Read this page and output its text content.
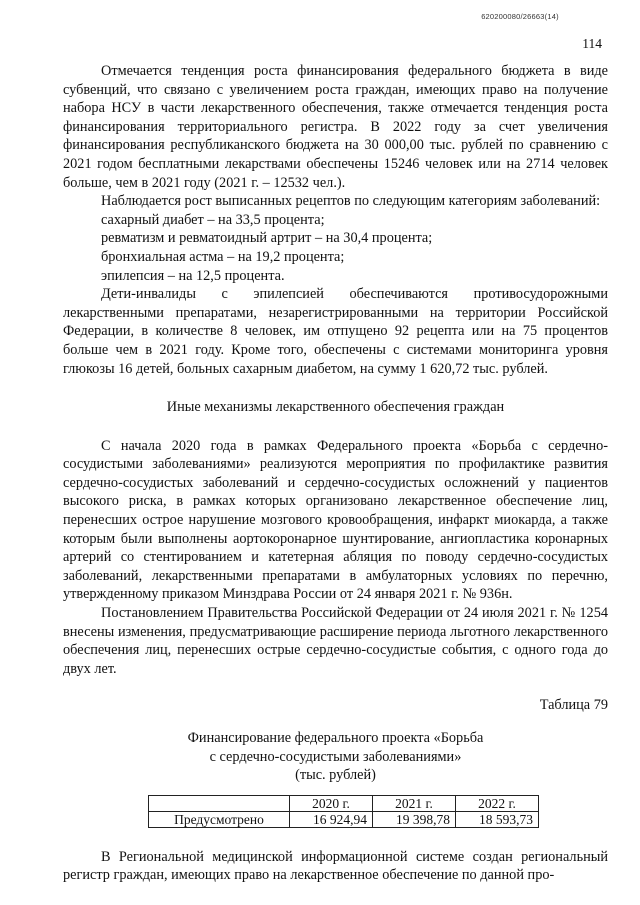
620200080/26663(14)
114

Отмечается тенденция роста финансирования федерального бюджета в виде субвенций, что связано с увеличением роста граждан, имеющих право на получение набора НСУ в части лекарственного обеспечения, также отмечается тенденция роста финансирования территориального регистра. В 2022 году за счет увеличения финансирования республиканского бюджета на 30 000,00 тыс. рублей по сравнению с 2021 годом бесплатными лекарствами обеспечены 15246 человек или на 2714 человек больше, чем в 2021 году (2021 г. – 12532 чел.).

Наблюдается рост выписанных рецептов по следующим категориям заболеваний:

сахарный диабет – на 33,5 процента;

ревматизм и ревматоидный артрит – на 30,4 процента;

бронхиальная астма – на 19,2 процента;

эпилепсия – на 12,5 процента.

Дети-инвалиды с эпилепсией обеспечиваются противосудорожными лекарственными препаратами, незарегистрированными на территории Российской Федерации, в количестве 8 человек, им отпущено 92 рецепта или на 75 процентов больше чем в 2021 году. Кроме того, обеспечены с системами мониторинга уровня глюкозы 16 детей, больных сахарным диабетом, на сумму 1 620,72 тыс. рублей.

Иные механизмы лекарственного обеспечения граждан

С начала 2020 года в рамках Федерального проекта «Борьба с сердечно-сосудистыми заболеваниями» реализуются мероприятия по профилактике развития сердечно-сосудистых заболеваний и сердечно-сосудистых осложнений у пациентов высокого риска, в рамках которых организовано лекарственное обеспечение лиц, перенесших острое нарушение мозгового кровообращения, инфаркт миокарда, а также которым были выполнены аортокоронарное шунтирование, ангиопластика коронарных артерий со стентированием и катетерная абляция по поводу сердечно-сосудистых заболеваний, лекарственными препаратами в амбулаторных условиях по перечню, утвержденному приказом Минздрава России от 24 января 2021 г. № 936н.

Постановлением Правительства Российской Федерации от 24 июля 2021 г. № 1254 внесены изменения, предусматривающие расширение периода льготного лекарственного обеспечения лиц, перенесших острые сердечно-сосудистые события, с одного года до двух лет.

Таблица 79

Финансирование федерального проекта «Борьба
с сердечно-сосудистыми заболеваниями»
(тыс. рублей)
	2020 г.	2021 г.	2022 г.
Предусмотрено	16 924,94	19 398,78	18 593,73

В Региональной медицинской информационной системе создан региональный регистр граждан, имеющих право на лекарственное обеспечение по данной про-
